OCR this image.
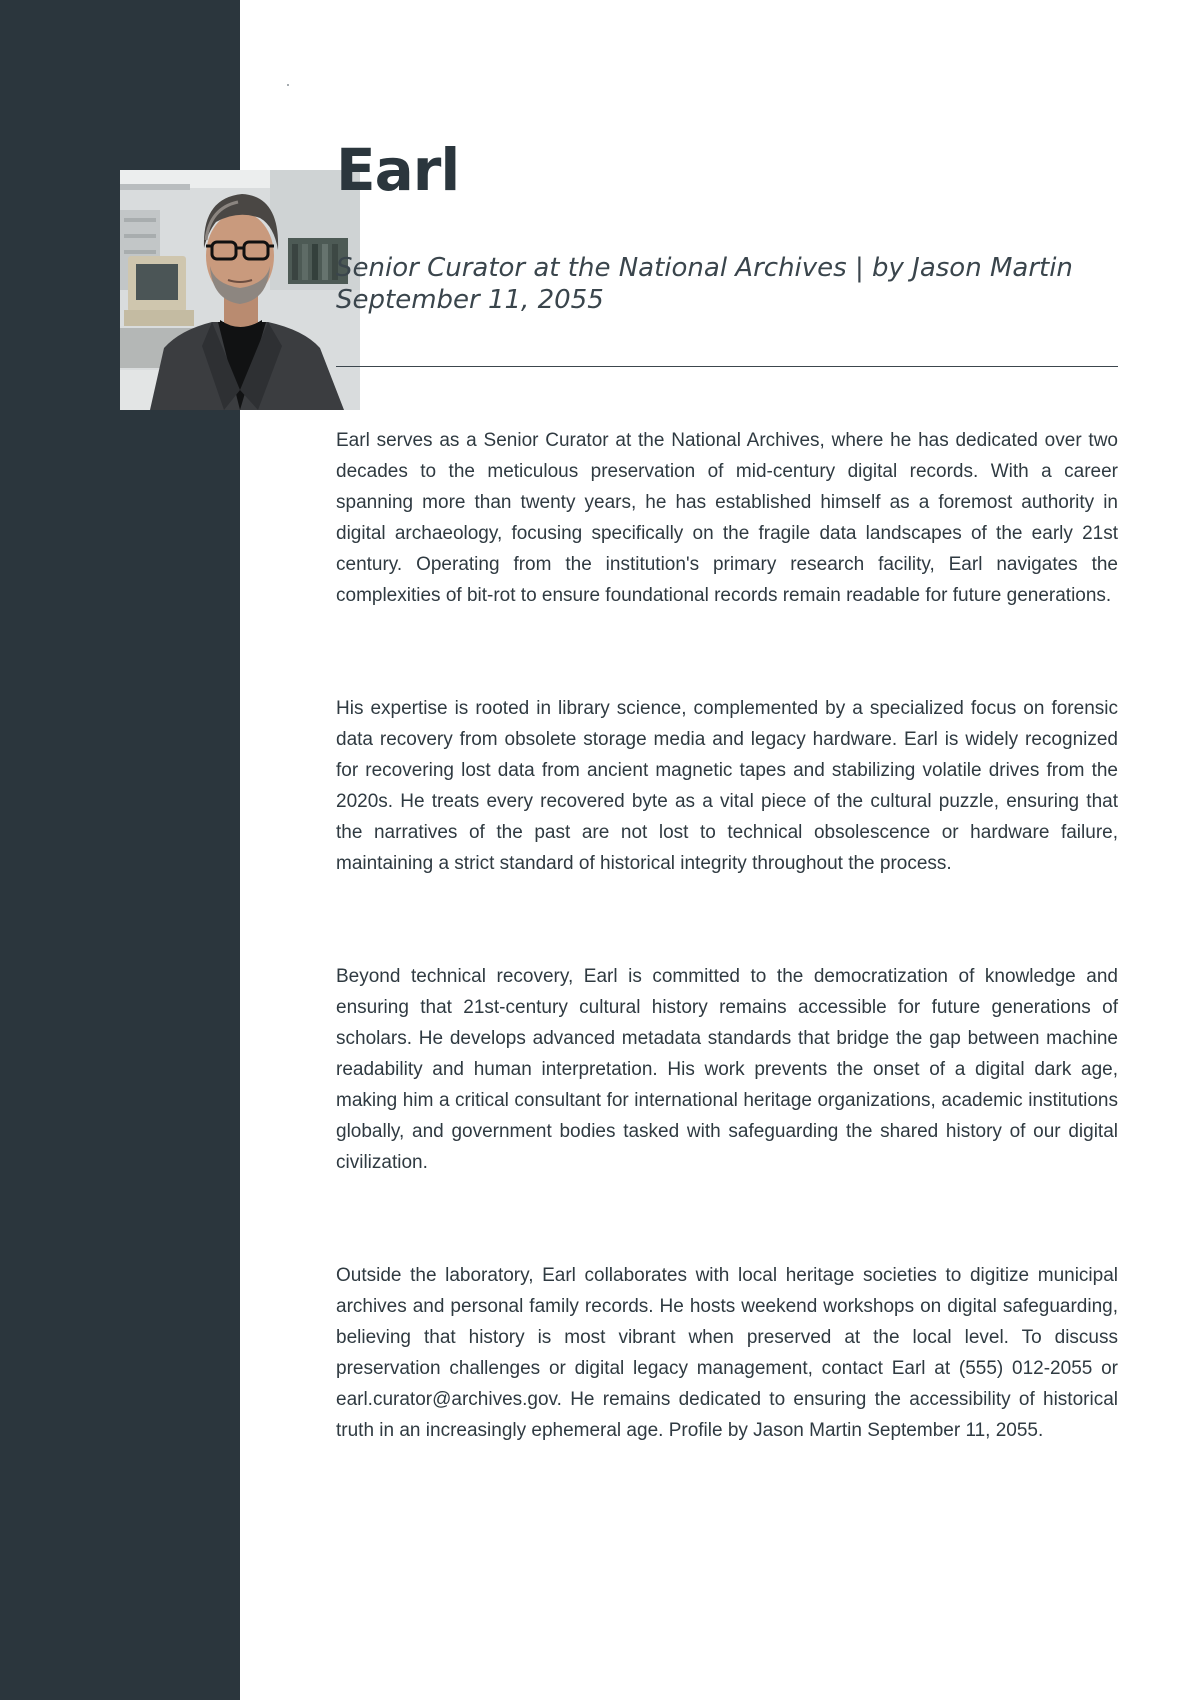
Earl
Senior Curator at the National Archives | by Jason Martin
September 11, 2055

Earl serves as a Senior Curator at the National Archives, where he has dedicated over two decades to the meticulous preservation of mid-century digital records. With a career spanning more than twenty years, he has established himself as a foremost authority in digital archaeology, focusing specifically on the fragile data landscapes of the early 21st century. Operating from the institution's primary research facility, Earl navigates the complexities of bit-rot to ensure foundational records remain readable for future generations.

His expertise is rooted in library science, complemented by a specialized focus on forensic data recovery from obsolete storage media and legacy hardware. Earl is widely recognized for recovering lost data from ancient magnetic tapes and stabilizing volatile drives from the 2020s. He treats every recovered byte as a vital piece of the cultural puzzle, ensuring that the narratives of the past are not lost to technical obsolescence or hardware failure, maintaining a strict standard of historical integrity throughout the process.

Beyond technical recovery, Earl is committed to the democratization of knowledge and ensuring that 21st-century cultural history remains accessible for future generations of scholars. He develops advanced metadata standards that bridge the gap between machine readability and human interpretation. His work prevents the onset of a digital dark age, making him a critical consultant for international heritage organizations, academic institutions globally, and government bodies tasked with safeguarding the shared history of our digital civilization.

Outside the laboratory, Earl collaborates with local heritage societies to digitize municipal archives and personal family records. He hosts weekend workshops on digital safeguarding, believing that history is most vibrant when preserved at the local level. To discuss preservation challenges or digital legacy management, contact Earl at (555) 012-2055 or earl.curator@archives.gov. He remains dedicated to ensuring the accessibility of historical truth in an increasingly ephemeral age. Profile by Jason Martin September 11, 2055.
